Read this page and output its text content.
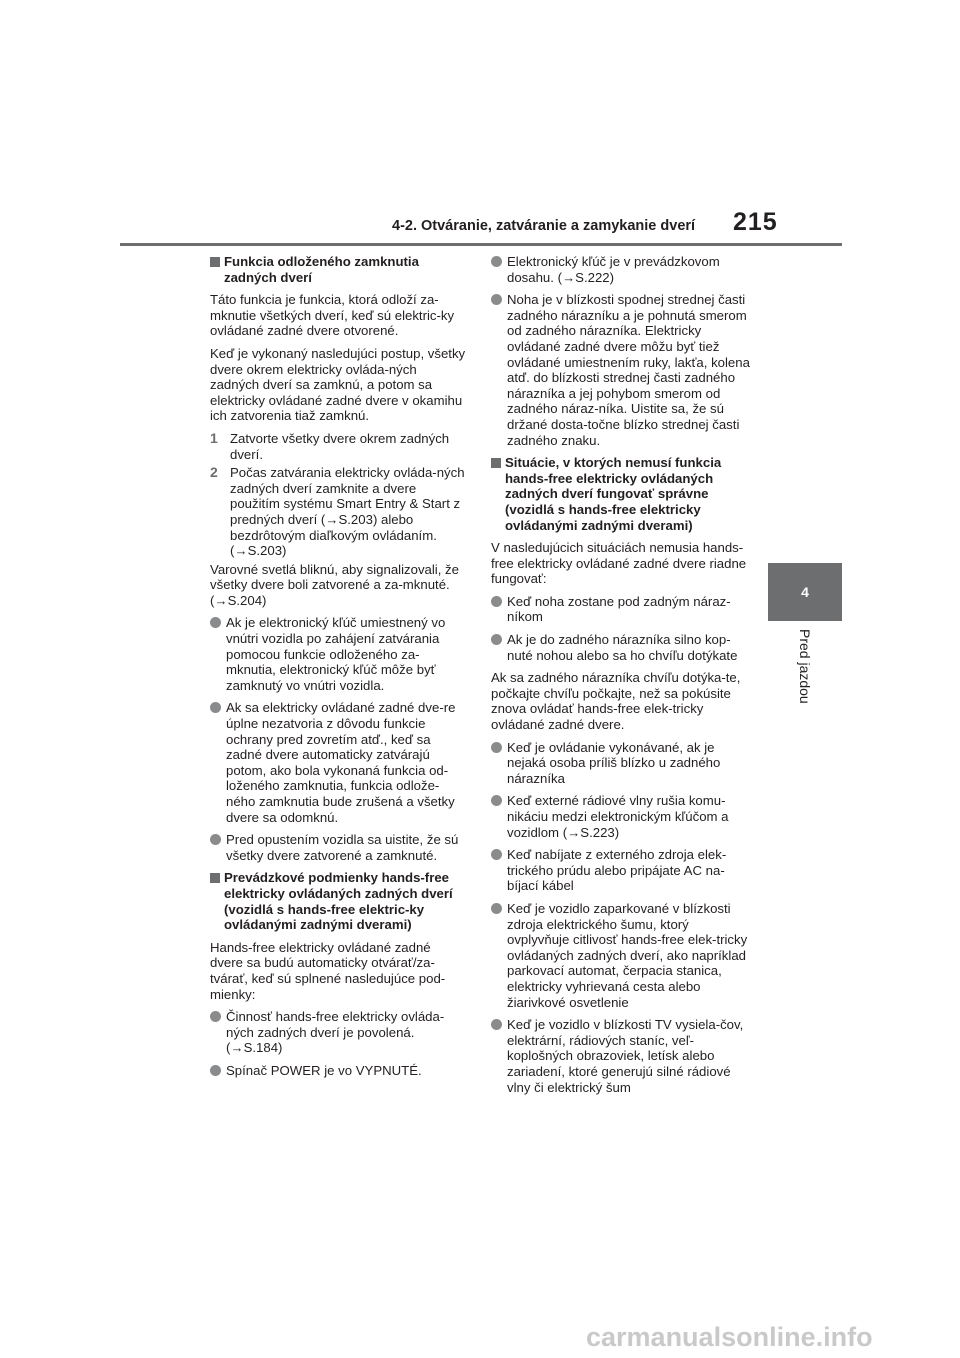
4-2. Otváranie, zatváranie a zamykanie dverí 215
4
Pred jazdou
Funkcia odloženého zamknutia zadných dverí

Táto funkcia je funkcia, ktorá odloží za-mknutie všetkých dverí, keď sú elektric-ky ovládané zadné dvere otvorené.

Keď je vykonaný nasledujúci postup, všetky dvere okrem elektricky ovláda-ných zadných dverí sa zamknú, a potom sa elektricky ovládané zadné dvere v okamihu ich zatvorenia tiaž zamknú.

1 Zatvorte všetky dvere okrem zadných dverí.
2 Počas zatvárania elektricky ovláda-ných zadných dverí zamknite a dvere použitím systému Smart Entry & Start z predných dverí (→S.203) alebo bezdrôtovým diaľkovým ovládaním. (→S.203)

Varovné svetlá bliknú, aby signalizovali, že všetky dvere boli zatvorené a za-mknuté. (→S.204)

Ak je elektronický kľúč umiestnený vo vnútri vozidla po zahájení zatvárania pomocou funkcie odloženého za-mknutia, elektronický kľúč môže byť zamknutý vo vnútri vozidla.
Ak sa elektricky ovládané zadné dve-re úplne nezatvoria z dôvodu funkcie ochrany pred zovretím atď., keď sa zadné dvere automaticky zatvárajú potom, ako bola vykonaná funkcia od-loženého zamknutia, funkcia odlože-ného zamknutia bude zrušená a všetky dvere sa odomknú.
Pred opustením vozidla sa uistite, že sú všetky dvere zatvorené a zamknuté.
Prevádzkové podmienky hands-free elektricky ovládaných zadných dverí (vozidlá s hands-free elektric-ky ovládanými zadnými dverami)

Hands-free elektricky ovládané zadné dvere sa budú automaticky otvárať/za-tvárať, keď sú splnené nasledujúce pod-mienky:

Činnosť hands-free elektricky ovláda-ných zadných dverí je povolená. (→S.184)
Spínač POWER je vo VYPNUTÉ.
Elektronický kľúč je v prevádzkovom dosahu. (→S.222)
Noha je v blízkosti spodnej strednej časti zadného nárazníku a je pohnutá smerom od zadného nárazníka. Elektricky ovládané zadné dvere môžu byť tiež ovládané umiestnením ruky, lakťa, kolena atď. do blízkosti strednej časti zadného nárazníka a jej pohybom smerom od zadného náraz-níka. Uistite sa, že sú držané dosta-točne blízko strednej časti zadného znaku.
Situácie, v ktorých nemusí funkcia hands-free elektricky ovládaných zadných dverí fungovať správne (vozidlá s hands-free elektricky ovládanými zadnými dverami)

V nasledujúcich situáciách nemusia hands-free elektricky ovládané zadné dvere riadne fungovať:

Keď noha zostane pod zadným náraz-níkom
Ak je do zadného nárazníka silno kop-nuté nohou alebo sa ho chvíľu dotýkate

Ak sa zadného nárazníka chvíľu dotýka-te, počkajte chvíľu počkajte, než sa pokúsite znova ovládať hands-free elek-tricky ovládané zadné dvere.

Keď je ovládanie vykonávané, ak je nejaká osoba príliš blízko u zadného nárazníka
Keď externé rádiové vlny rušia komu-nikáciu medzi elektronickým kľúčom a vozidlom (→S.223)
Keď nabíjate z externého zdroja elek-trického prúdu alebo pripájate AC na-bíjací kábel
Keď je vozidlo zaparkované v blízkosti zdroja elektrického šumu, ktorý ovplyvňuje citlivosť hands-free elek-tricky ovládaných zadných dverí, ako napríklad parkovací automat, čerpacia stanica, elektricky vyhrievaná cesta alebo žiarivkové osvetlenie
Keď je vozidlo v blízkosti TV vysiela-čov, elektrární, rádiových staníc, veľ-koplošných obrazoviek, letísk alebo zariadení, ktoré generujú silné rádiové vlny či elektrický šum
carmanualsonline.info
